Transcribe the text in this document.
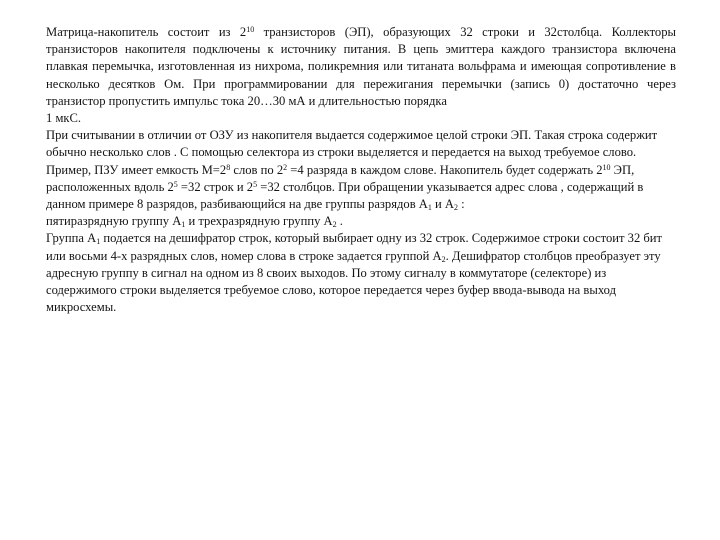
Матрица-накопитель состоит из $2^{10}$ транзисторов (ЭП), образующих 32 строки и 32столбца. Коллекторы транзисторов накопителя подключены к источнику питания. В цепь эмиттера каждого транзистора включена плавкая перемычка, изготовленная из нихрома, поликремния или титаната вольфрама и имеющая сопротивление в несколько десятков Ом. При программировании для пережигания перемычки (запись 0) достаточно через транзистор пропустить импульс тока 20…30 мА и длительностью порядка

1 мкС.

При считывании в отличии от ОЗУ из накопителя выдается содержимое целой строки ЭП. Такая строка содержит обычно несколько слов . С помощью селектора из строки выделяется и передается на выход требуемое слово.

Пример, ПЗУ имеет емкость $М=2^8$ слов по $2^2 =4$ разряда в каждом слове. Накопитель будет содержать $2^{10}$ ЭП, расположенных вдоль $2^5 =32$ строк и $2^5 =32$ столбцов. При обращении указывается адрес слова , содержащий в данном примере 8 разрядов, разбивающийся на две группы разрядов $А_1$ и $А_2$ :
пятиразрядную группу $А_1$ и трехразрядную группу $А_2$ .

Группа $А_1$ подается на дешифратор строк, который выбирает одну из 32 строк. Содержимое строки состоит 32 бит или восьми 4-х разрядных слов, номер слова в строке задается группой $А_2$. Дешифратор столбцов преобразует эту адресную группу в сигнал на одном из 8 своих выходов. По этому сигналу в коммутаторе (селекторе) из содержимого строки выделяется требуемое слово, которое передается через буфер ввода-вывода на выход микросхемы.
